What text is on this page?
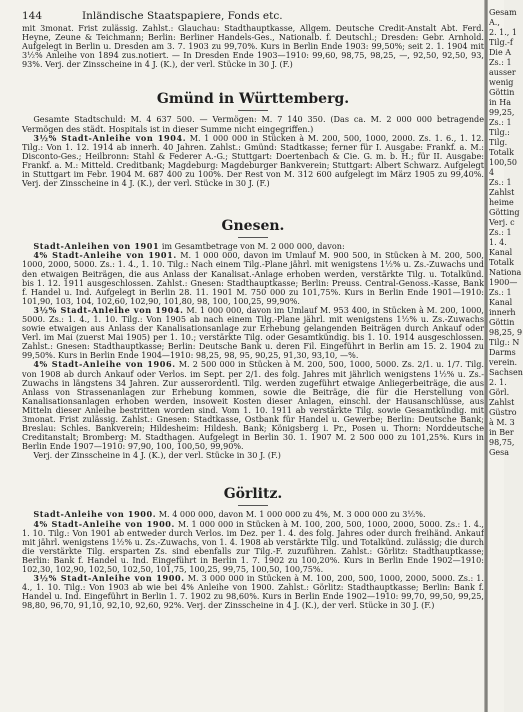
144	Inländische Staatspapiere, Fonds etc.

mit 3monat. Frist zulässig. Zahlst.: Glauchau: Stadthauptkasse, Allgem. Deutsche Credit-Anstalt Abt. Ferd. Heyne, Zeune & Teichmann; Berlin: Berliner Handels-Ges., Nationalb. f. Deutschl.; Dresden: Gebr. Arnhold. Aufgelegt in Berlin u. Dresden am 3. 7. 1903 zu 99,70%. Kurs in Berlin Ende 1903: 99,50%; seit 2. 1. 1904 mit 3½% Anleihe von 1894 zus.notiert. — In Dresden Ende 1903—1910: 99,60, 98,75, 98,25, —, 92,50, 92,50, 93, 93%. Verj. der Zinsscheine in 4 J. (K.), der verl. Stücke in 30 J. (F.)

Gmünd in Württemberg.

Gesamte Stadtschuld: M. 4 637 500. — Vermögen: M. 7 140 350. (Das ca. M. 2 000 000 betragende Vermögen des städt. Hospitals ist in dieser Summe nicht eingegriffen.)

3½% Stadt-Anleihe von 1904. M. 1 000 000 in Stücken à M. 200, 500, 1000, 2000. Zs. 1. 6., 1. 12. Tilg.: Von 1. 12. 1914 ab innerh. 40 Jahren. Zahlst.: Gmünd: Stadtkasse; ferner für I. Ausgabe: Frankf. a. M.: Disconto-Ges.; Heilbronn: Stahl & Federer A.-G.; Stuttgart: Doertenbach & Cie. G. m. b. H.; für II. Ausgabe: Frankf. a. M.: Mitteld. Creditbank; Magdeburg: Magdeburger Bankverein; Stuttgart: Albert Schwarz. Aufgelegt in Stuttgart im Febr. 1904 M. 687 400 zu 100%. Der Rest von M. 312 600 aufgelegt im März 1905 zu 99,40%. Verj. der Zinsscheine in 4 J. (K.), der verl. Stücke in 30 J. (F.)

Gnesen.

Stadt-Anleihen von 1901 im Gesamtbetrage von M. 2 000 000, davon:

4% Stadt-Anleihe von 1901. M. 1 000 000, davon im Umlauf M. 900 500, in Stücken à M. 200, 500, 1000, 2000, 5000. Zs.: 1. 4., 1. 10. Tilg.: Nach einem Tilg.-Plane jährl. mit wenigstens 1½% u. Zs.-Zuwachs und den etwaigen Beiträgen, die aus Anlass der Kanalisat.-Anlage erhoben werden, verstärkte Tilg. u. Totalkünd. bis 1. 12. 1911 ausgeschlossen. Zahlst.: Gnesen: Stadthauptkasse; Berlin: Preuss. Central-Genoss.-Kasse, Bank f. Handel u. Ind. Aufgelegt in Berlin 28. 11. 1901 M. 750 000 zu 101,75%. Kurs in Berlin Ende 1901—1910: 101,90, 103, 104, 102,60, 102,90, 101,80, 98, 100, 100,25, 99,90%.

3½% Stadt-Anleihe von 1904. M. 1 000 000, davon im Umlauf M. 953 400, in Stücken à M. 200, 1000, 5000. Zs.: 1. 4., 1. 10. Tilg.: Von 1905 ab nach einem Tilg.-Plane jährl. mit wenigstens 1½% u. Zs.-Zuwachs sowie etwaigen aus Anlass der Kanalisationsanlage zur Erhebung gelangenden Beiträgen durch Ankauf oder Verl. im Mai (zuerst Mai 1905) per 1. 10.; verstärkte Tilg. oder Gesamtkündig. bis 1. 10. 1914 ausgeschlossen. Zahlst.: Gnesen: Stadthauptkasse; Berlin: Deutsche Bank u. deren Fil. Eingeführt in Berlin am 15. 2. 1904 zu 99,50%. Kurs in Berlin Ende 1904—1910: 98,25, 98, 95, 90,25, 91,30, 93,10, —%.

4% Stadt-Anleihe von 1906. M. 2 500 000 in Stücken à M. 200, 500, 1000, 5000. Zs. 2/1. u. 1/7. Tilg. von 1908 ab durch Ankauf oder Verlos. im Sept. per 2/1. des folg. Jahres mit jährlich wenigstens 1½% u. Zs.-Zuwachs in längstens 34 Jahren. Zur ausserordentl. Tilg. werden zugeführt etwaige Anliegerbeiträge, die aus Anlass von Strassenanlagen zur Erhebung kommen, sowie die Beiträge, die für die Herstellung von Kanalisationsanlagen erhoben werden, insoweit Kosten dieser Anlagen, einschl. der Hausanschlüsse, aus Mitteln dieser Anleihe bestritten worden sind. Vom 1. 10. 1911 ab verstärkte Tilg. sowie Gesamtkündig. mit 3monat. Frist zulässig. Zahlst.: Gnesen: Stadtkasse, Ostbank für Handel u. Gewerbe; Berlin: Deutsche Bank; Breslau: Schles. Bankverein; Hildesheim: Hildesh. Bank; Königsberg i. Pr., Posen u. Thorn: Norddeutsche Creditanstalt; Bromberg: M. Stadthagen. Aufgelegt in Berlin 30. 1. 1907 M. 2 500 000 zu 101,25%. Kurs in Berlin Ende 1907—1910: 97,90, 100, 100,50, 99,90%.

Verj. der Zinsscheine in 4 J. (K.), der verl. Stücke in 30 J. (F.)

Görlitz.

Stadt-Anleihe von 1900. M. 4 000 000, davon M. 1 000 000 zu 4%, M. 3 000 000 zu 3½%.

4% Stadt-Anleihe von 1900. M. 1 000 000 in Stücken à M. 100, 200, 500, 1000, 2000, 5000. Zs.: 1. 4., 1. 10. Tilg.: Von 1901 ab entweder durch Verlos. im Dez. per 1. 4. des folg. Jahres oder durch freihänd. Ankauf mit jährl. wenigstens 1½% u. Zs.-Zuwachs, von 1. 4. 1908 ab verstärkte Tilg. und Totalkünd. zulässig; die durch die verstärkte Tilg. ersparten Zs. sind ebenfalls zur Tilg.-F. zuzuführen. Zahlst.: Görlitz: Stadthauptkasse; Berlin: Bank f. Handel u. Ind. Eingeführt in Berlin 1. 7. 1902 zu 100,20%. Kurs in Berlin Ende 1902—1910: 102,30, 102,90, 102,50, 102,50, 101,75, 100,25, 99,75, 100,50, 100,75%.

3½% Stadt-Anleihe von 1900. M. 3 000 000 in Stücken à M. 100, 200, 500, 1000, 2000, 5000. Zs.: 1. 4., 1. 10. Tilg.: Von 1903 ab wie bei 4% Anleihe von 1900. Zahlst.: Görlitz: Stadthauptkasse; Berlin: Bank f. Handel u. Ind. Eingeführt in Berlin 1. 7. 1902 zu 98,60%. Kurs in Berlin Ende 1902—1910: 99,70, 99,50, 99,25, 98,80, 96,70, 91,10, 92,10, 92,60, 92%. Verj. der Zinsscheine in 4 J. (K.), der verl. Stücke in 30 J. (F.)

Gesam
A.,
2. 1., 1
Tilg.-f
Die A
Zs.: 1
ausser
wenig
Göttin
in Ha
99,25,
Zs.: 1
Tilg.:
Tilg.
Totalk
100,50
4
Zs.: 1
Zahlst
heime
Götting
Verj. c
Zs.: 1
1. 4.
Kanal
Totalk
Nationa
1900—
Zs.: 1
Kanal
innerh
Göttin
98,25, 9
Tilg.: N
Darms
verein.
Sachsen
2. 1.
Görl.
Zahlst
Güstro
à M. 3
in Ber
98,75,
Gesa
